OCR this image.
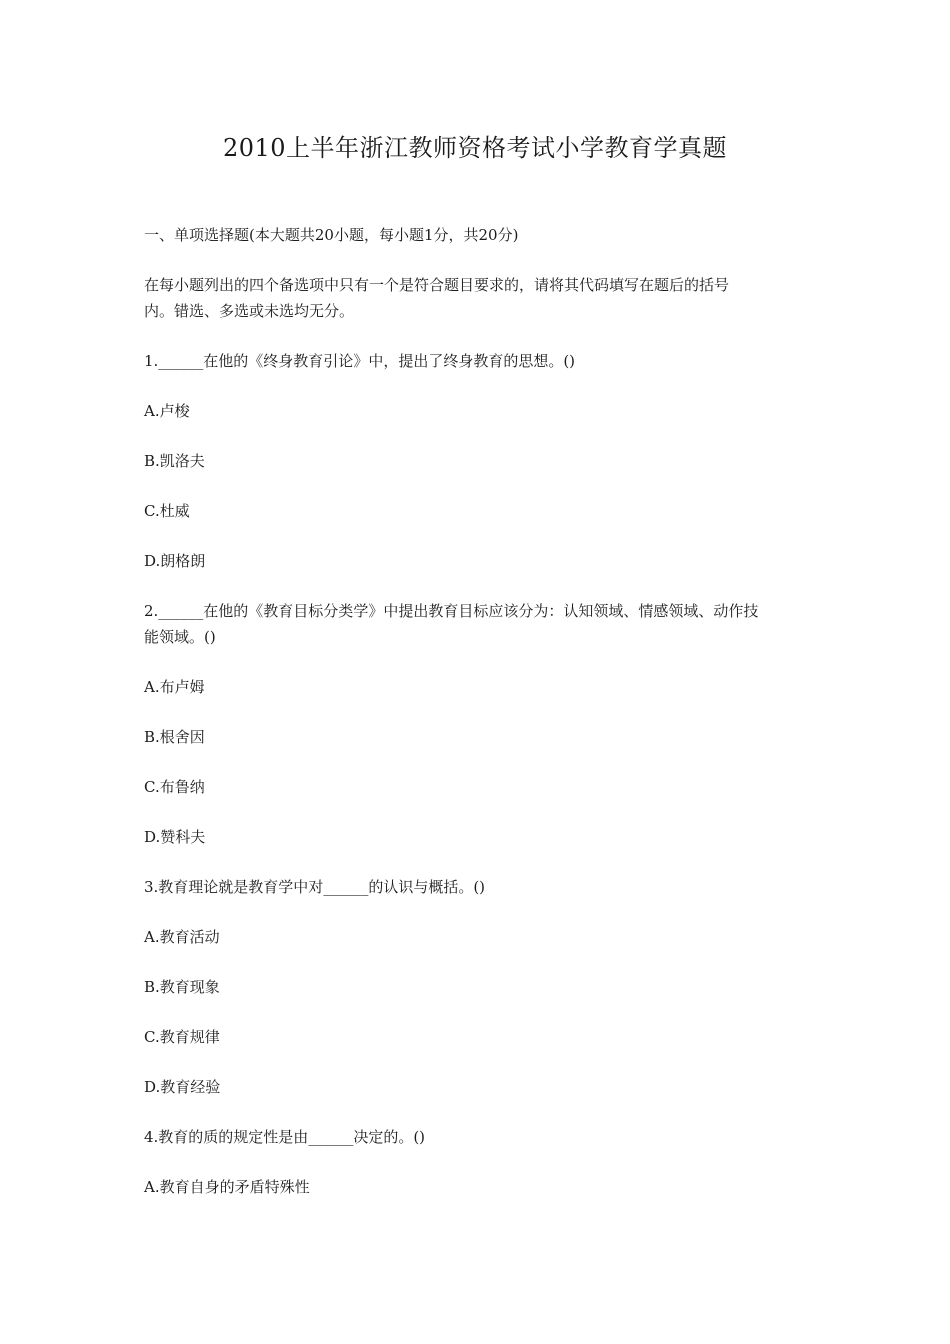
2010上半年浙江教师资格考试小学教育学真题

一、单项选择题(本大题共20小题，每小题1分，共20分)

在每小题列出的四个备选项中只有一个是符合题目要求的，请将其代码填写在题后的括号

内。错选、多选或未选均无分。

1.______在他的《终身教育引论》中，提出了终身教育的思想。()

A.卢梭

B.凯洛夫

C.杜威

D.朗格朗

2.______在他的《教育目标分类学》中提出教育目标应该分为：认知领域、情感领域、动作技

能领域。()

A.布卢姆

B.根舍因

C.布鲁纳

D.赞科夫

3.教育理论就是教育学中对______的认识与概括。()

A.教育活动

B.教育现象

C.教育规律

D.教育经验

4.教育的质的规定性是由______决定的。()

A.教育自身的矛盾特殊性
